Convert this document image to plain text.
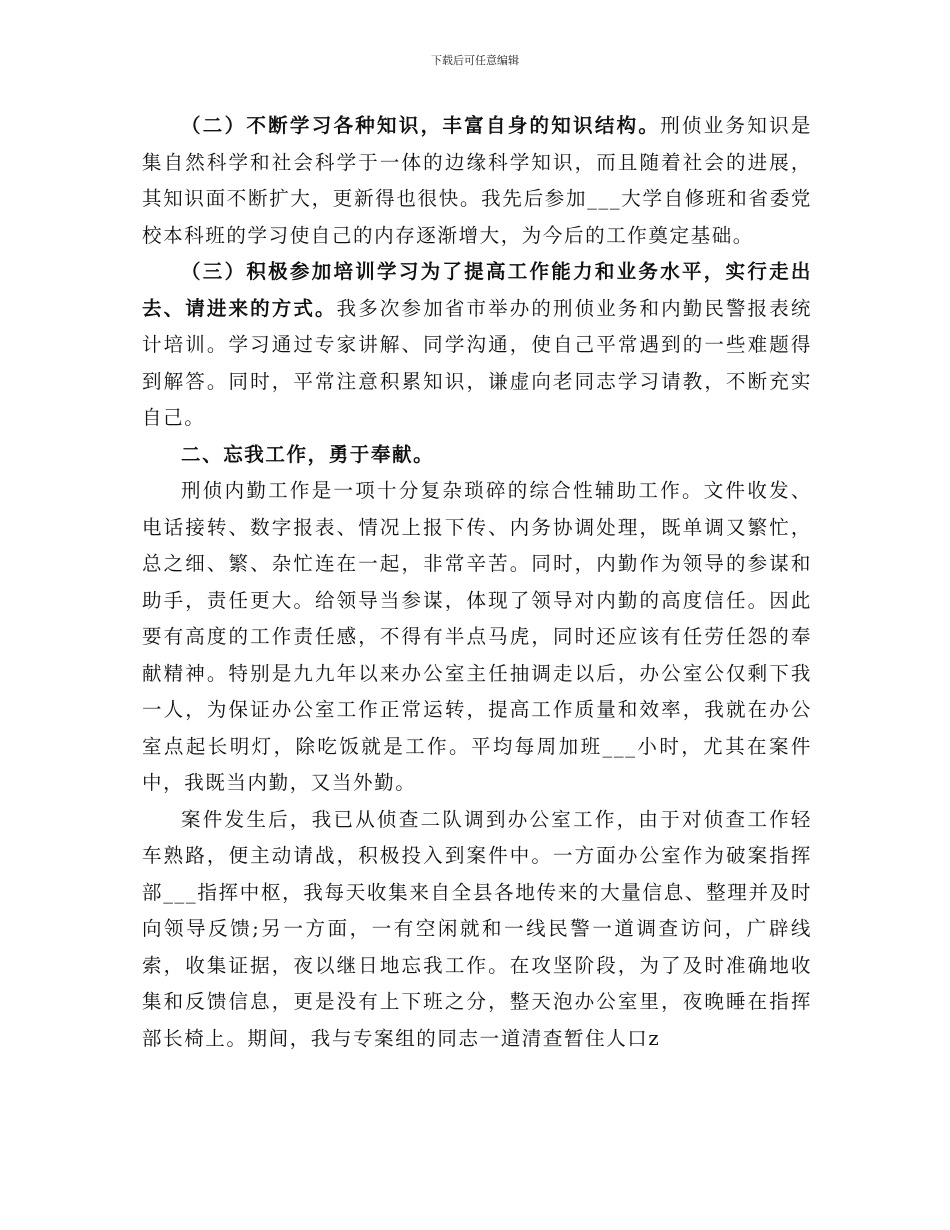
下载后可任意编辑

（二）不断学习各种知识，丰富自身的知识结构。刑侦业务知识是集自然科学和社会科学于一体的边缘科学知识，而且随着社会的进展，其知识面不断扩大，更新得也很快。我先后参加___大学自修班和省委党校本科班的学习使自己的内存逐渐增大，为今后的工作奠定基础。

（三）积极参加培训学习为了提高工作能力和业务水平，实行走出去、请进来的方式。我多次参加省市举办的刑侦业务和内勤民警报表统计培训。学习通过专家讲解、同学沟通，使自己平常遇到的一些难题得到解答。同时，平常注意积累知识，谦虚向老同志学习请教，不断充实自己。

二、忘我工作，勇于奉献。

刑侦内勤工作是一项十分复杂琐碎的综合性辅助工作。文件收发、电话接转、数字报表、情况上报下传、内务协调处理，既单调又繁忙，总之细、繁、杂忙连在一起，非常辛苦。同时，内勤作为领导的参谋和助手，责任更大。给领导当参谋，体现了领导对内勤的高度信任。因此要有高度的工作责任感，不得有半点马虎，同时还应该有任劳任怨的奉献精神。特别是九九年以来办公室主任抽调走以后，办公室公仅剩下我一人，为保证办公室工作正常运转，提高工作质量和效率，我就在办公室点起长明灯，除吃饭就是工作。平均每周加班___小时，尤其在案件中，我既当内勤，又当外勤。

案件发生后，我已从侦查二队调到办公室工作，由于对侦查工作轻车熟路，便主动请战，积极投入到案件中。一方面办公室作为破案指挥部___指挥中枢，我每天收集来自全县各地传来的大量信息、整理并及时向领导反馈;另一方面，一有空闲就和一线民警一道调查访问，广辟线索，收集证据，夜以继日地忘我工作。在攻坚阶段，为了及时准确地收集和反馈信息，更是没有上下班之分，整天泡办公室里，夜晚睡在指挥部长椅上。期间，我与专案组的同志一道清查暂住人口z
